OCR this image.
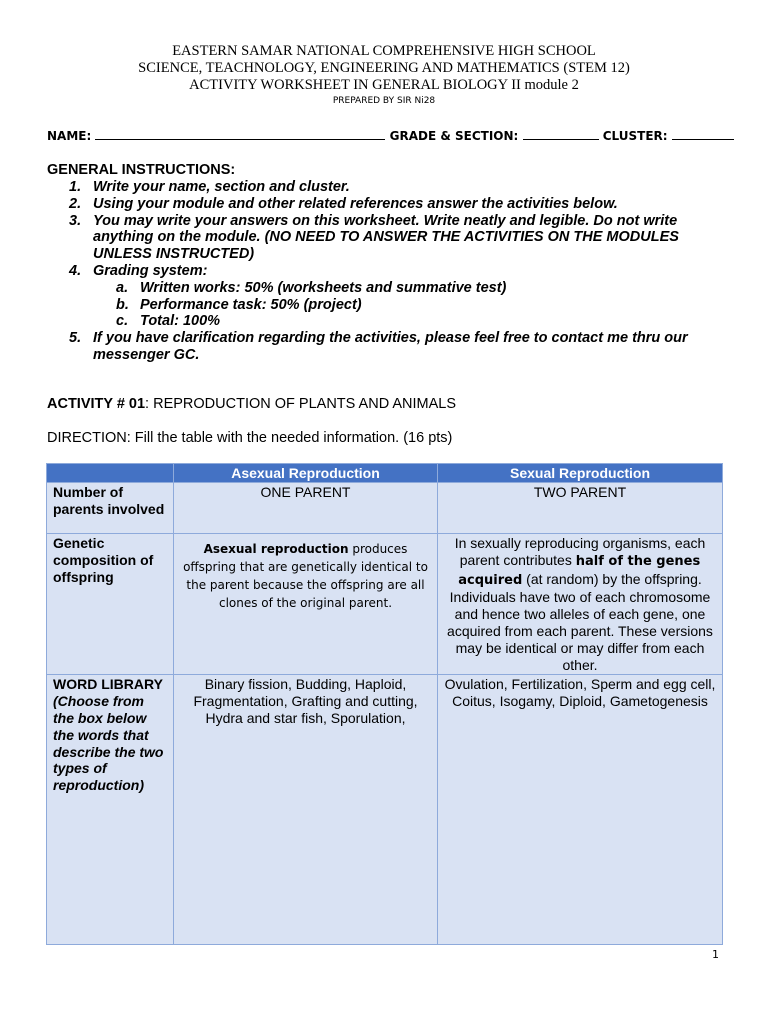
EASTERN SAMAR NATIONAL COMPREHENSIVE HIGH SCHOOL
SCIENCE, TEACHNOLOGY, ENGINEERING AND MATHEMATICS (STEM 12)
ACTIVITY WORKSHEET IN GENERAL BIOLOGY II module 2
PREPARED BY SIR Ni28
NAME:	GRADE & SECTION:	CLUSTER:
GENERAL INSTRUCTIONS:
1. Write your name, section and cluster.
2. Using your module and other related references answer the activities below.
3. You may write your answers on this worksheet. Write neatly and legible. Do not write anything on the module. (NO NEED TO ANSWER THE ACTIVITIES ON THE MODULES UNLESS INSTRUCTED)
4. Grading system:
a. Written works: 50% (worksheets and summative test)
b. Performance task: 50% (project)
c. Total: 100%
5. If you have clarification regarding the activities, please feel free to contact me thru our messenger GC.
ACTIVITY # 01: REPRODUCTION OF PLANTS AND ANIMALS
DIRECTION: Fill the table with the needed information. (16 pts)
	Asexual Reproduction	Sexual Reproduction
Number of parents involved	ONE PARENT	TWO PARENT
Genetic composition of offspring	Asexual reproduction produces offspring that are genetically identical to the parent because the offspring are all clones of the original parent.	In sexually reproducing organisms, each parent contributes half of the genes acquired (at random) by the offspring. Individuals have two of each chromosome and hence two alleles of each gene, one acquired from each parent. These versions may be identical or may differ from each other.
WORD LIBRARY
(Choose from the box below the words that describe the two types of reproduction)	Binary fission, Budding, Haploid, Fragmentation, Grafting and cutting, Hydra and star fish, Sporulation,	Ovulation, Fertilization, Sperm and egg cell, Coitus, Isogamy, Diploid, Gametogenesis
1
